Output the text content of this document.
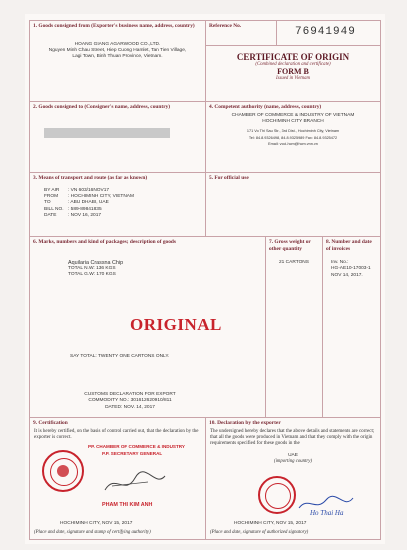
1. Goods consigned from (Exporter's business name, address, country)
HOANG GIANG AGARWOOD CO.,LTD.
Nguyen Minh Chau Street, Hiep Cuong Hamlet, Tan Tien Village,
Lagi Town, Binh Thuan Province, Vietnam.
Reference No.	76941949
CERTIFICATE OF ORIGIN
(Combined declaration and certificate)
FORM B
Issued in Vietnam
2. Goods consigned to (Consigner's name, address, country)	4. Competent authority (name, address, country)
CHAMBER OF COMMERCE & INDUSTRY OF VIETNAM
HOCHIMINH CITY BRANCH
171 Vo Thi Sau Str., 3rd Dist., Hochiminh City, Vietnam
Tel: 84.8.9326498, 84.8.9325989 Fax: 84.8.9325472
Email: vcci-hcm@hcm.vnn.vn
3. Means of transport and route (as far as known)
BY AIR	: VN 603/16NOV17
FROM	: HOCHIMINH CITY, VIETNAM
TO	: ABU DHABI, UAE
BILL NO. : 589-89841835
DATE	: NOV 16, 2017
5. For official use
6. Marks, numbers and kind of packages; description of goods
Aquilaria Crassna Chip
TOTAL N.W: 136 KGS
TOTAL G.W: 170 KGS
ORIGINAL
SAY TOTAL: TWENTY ONE CARTONS ONLY.
CUSTOMS DECLARATION FOR EXPORT
COMMODITY NO.: 301612620910/811
DATED: NOV. 14, 2017
7. Gross weight or other quantity
21 CARTONS
8. Number and date of invoices
Inv. No.:
HG-AE10-17003-1
NOV 14, 2017.
9. Certification
It is hereby certified, on the basis of control carried out, that the declaration by the exporter is correct.
PP. CHAMBER OF COMMERCE & INDUSTRY
P.P. SECRETARY GENERAL
PHAM THI KIM ANH
HOCHIMINH CITY, NOV 15, 2017
(Place and date, signature and stamp of certifying authority)
10. Declaration by the exporter
The undersigned hereby declares that the above details and statements are correct; that all the goods were produced in Vietnam and that they comply with the origin requirements specified for these goods in the
UAE
(importing country)
Ho Thai Ha
HOCHIMINH CITY, NOV 15, 2017
(Place and date, signature of authorized signatory)
